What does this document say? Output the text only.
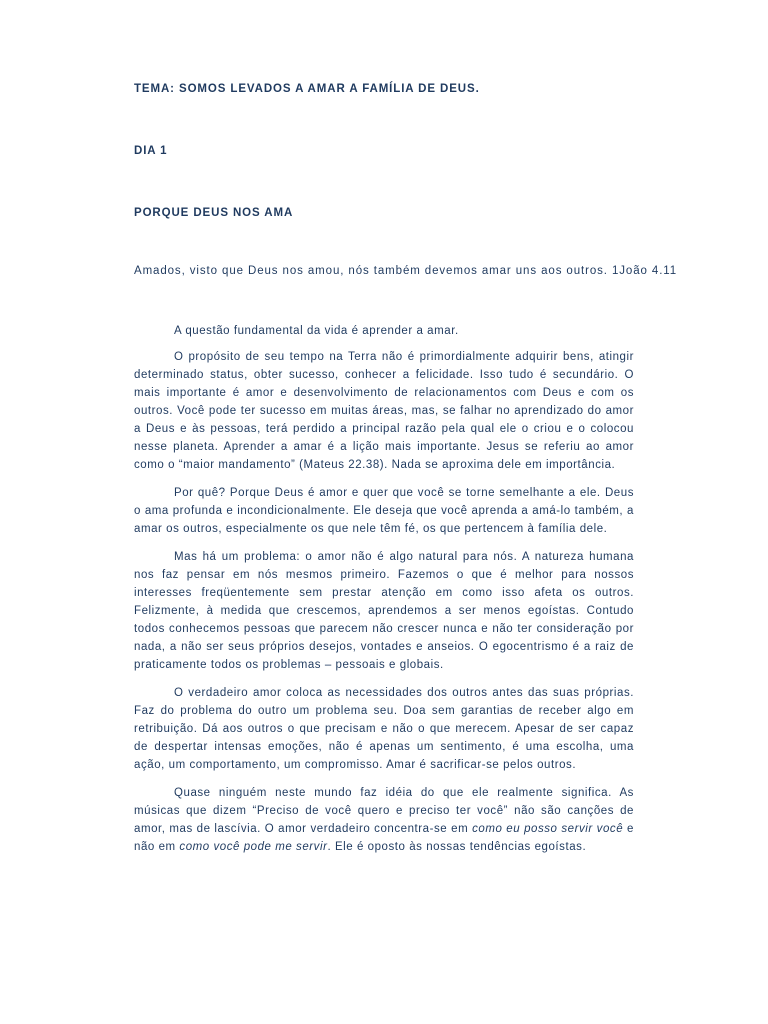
TEMA: SOMOS LEVADOS A AMAR A FAMÍLIA DE DEUS.
DIA 1
PORQUE DEUS NOS AMA

Amados, visto que Deus nos amou, nós também devemos amar uns aos outros. 1João 4.11

A questão fundamental da vida é aprender a amar.

O propósito de seu tempo na Terra não é primordialmente adquirir bens, atingir determinado status, obter sucesso, conhecer a felicidade. Isso tudo é secundário. O mais importante é amor e desenvolvimento de relacionamentos com Deus e com os outros. Você pode ter sucesso em muitas áreas, mas, se falhar no aprendizado do amor a Deus e às pessoas, terá perdido a principal razão pela qual ele o criou e o colocou nesse planeta. Aprender a amar é a lição mais importante. Jesus se referiu ao amor como o “maior mandamento” (Mateus 22.38). Nada se aproxima dele em importância.

Por quê? Porque Deus é amor e quer que você se torne semelhante a ele. Deus o ama profunda e incondicionalmente. Ele deseja que você aprenda a amá-lo também, a amar os outros, especialmente os que nele têm fé, os que pertencem à família dele.

Mas há um problema: o amor não é algo natural para nós. A natureza humana nos faz pensar em nós mesmos primeiro. Fazemos o que é melhor para nossos interesses freqüentemente sem prestar atenção em como isso afeta os outros. Felizmente, à medida que crescemos, aprendemos a ser menos egoístas. Contudo todos conhecemos pessoas que parecem não crescer nunca e não ter consideração por nada, a não ser seus próprios desejos, vontades e anseios. O egocentrismo é a raiz de praticamente todos os problemas – pessoais e globais.

O verdadeiro amor coloca as necessidades dos outros antes das suas próprias. Faz do problema do outro um problema seu. Doa sem garantias de receber algo em retribuição. Dá aos outros o que precisam e não o que merecem. Apesar de ser capaz de despertar intensas emoções, não é apenas um sentimento, é uma escolha, uma ação, um comportamento, um compromisso. Amar é sacrificar-se pelos outros.

Quase ninguém neste mundo faz idéia do que ele realmente significa. As músicas que dizem “Preciso de você quero e preciso ter você” não são canções de amor, mas de lascívia. O amor verdadeiro concentra-se em como eu posso servir você e não em como você pode me servir. Ele é oposto às nossas tendências egoístas.
